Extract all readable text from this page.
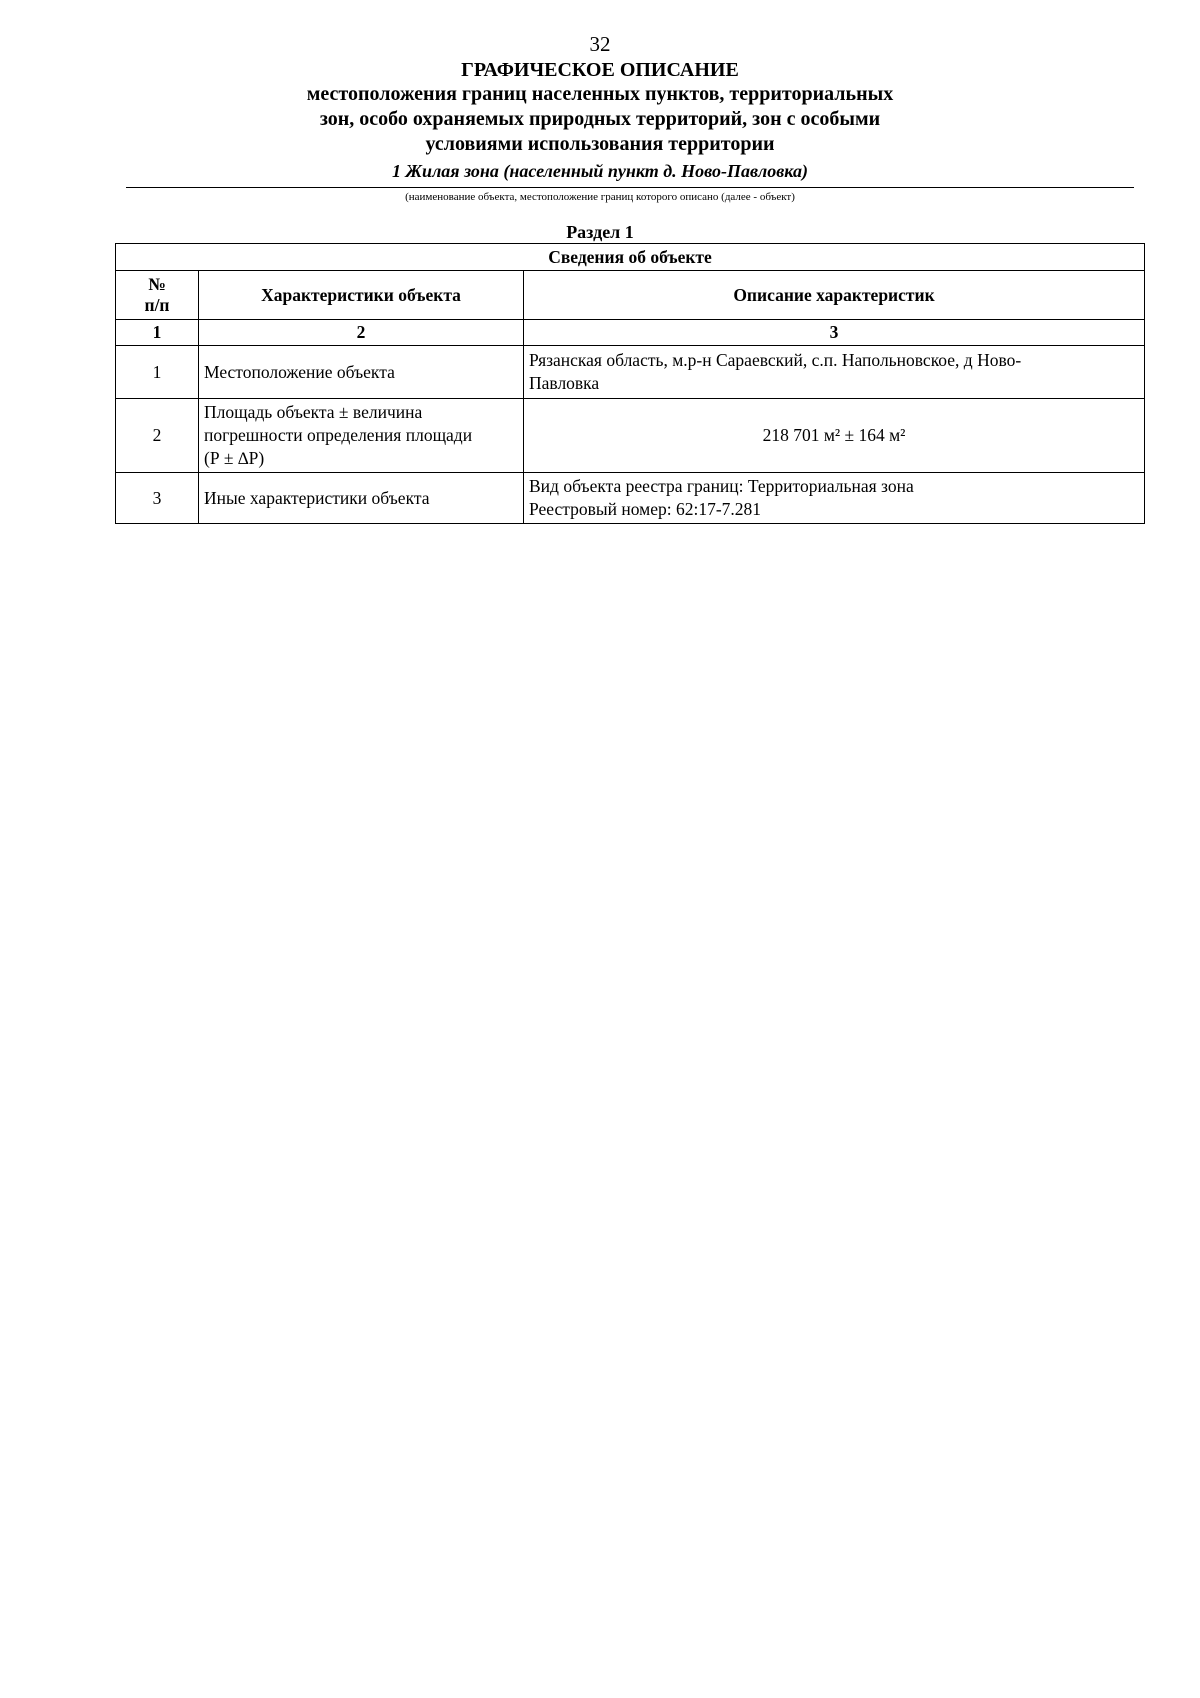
32
ГРАФИЧЕСКОЕ ОПИСАНИЕ
местоположения границ населенных пунктов, территориальных
зон, особо охраняемых природных территорий, зон с особыми
условиями использования территории
1 Жилая зона (населенный пункт д. Ново-Павловка)
(наименование объекта, местоположение границ которого описано (далее - объект)
Раздел 1
Сведения об объекте		

№
п/п	Характеристики объекта	Описание характеристик
1	2	3
1	Местоположение объекта	Рязанская область, м.р-н Сараевский, с.п. Напольновское, д Ново-
Павловка

2	Площадь объекта ± величина
погрешности определения площади
(Р ± ∆Р)	218 701 м² ± 164 м²

3	Иные характеристики объекта	Вид объекта реестра границ: Территориальная зона
Реестровый номер: 62:17-7.281
